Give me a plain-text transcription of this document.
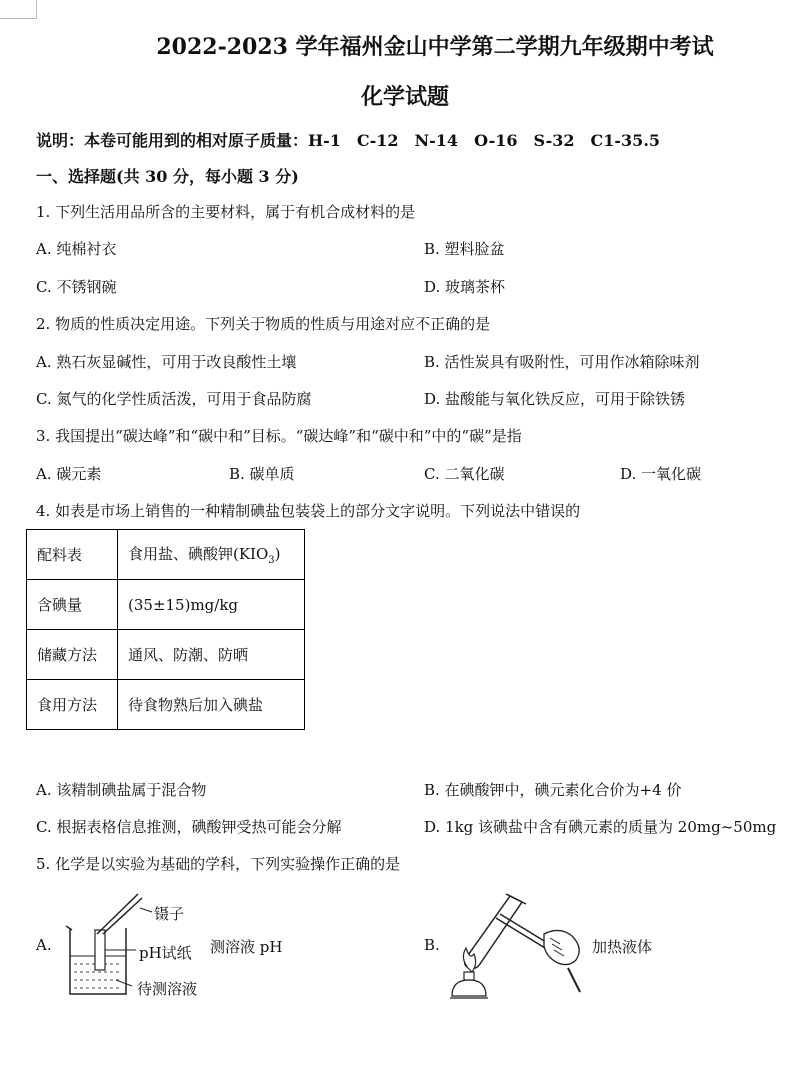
2022-2023 学年福州金山中学第二学期九年级期中考试
化学试题
说明：本卷可能用到的相对原子质量：H-1　C-12　N-14　O-16　S-32　C1-35.5
一、选择题(共 30 分，每小题 3 分)
1. 下列生活用品所含的主要材料，属于有机合成材料的是
A. 纯棉衬衣	B. 塑料脸盆
C. 不锈钢碗	D. 玻璃茶杯
2. 物质的性质决定用途。下列关于物质的性质与用途对应不正确的是
A. 熟石灰显碱性，可用于改良酸性土壤	B. 活性炭具有吸附性，可用作冰箱除味剂
C. 氮气的化学性质活泼，可用于食品防腐	D. 盐酸能与氧化铁反应，可用于除铁锈
3. 我国提出“碳达峰”和“碳中和”目标。“碳达峰”和“碳中和”中的“碳”是指
A. 碳元素	B. 碳单质	C. 二氧化碳	D. 一氧化碳
4. 如表是市场上销售的一种精制碘盐包装袋上的部分文字说明。下列说法中错误的
配料表	食用盐、碘酸钾$(KIO_3)$
含碘量	(35±15)mg/kg
储藏方法	通风、防潮、防晒
食用方法	待食物熟后加入碘盐
A. 该精制碘盐属于混合物	B. 在碘酸钾中，碘元素化合价为+4 价
C. 根据表格信息推测，碘酸钾受热可能会分解	D. 1kg 该碘盐中含有碘元素的质量为 20mg~50mg
5. 化学是以实验为基础的学科，下列实验操作正确的是
A.
镊子
pH试纸
待测溶液
测溶液 pH	B.	加热液体
